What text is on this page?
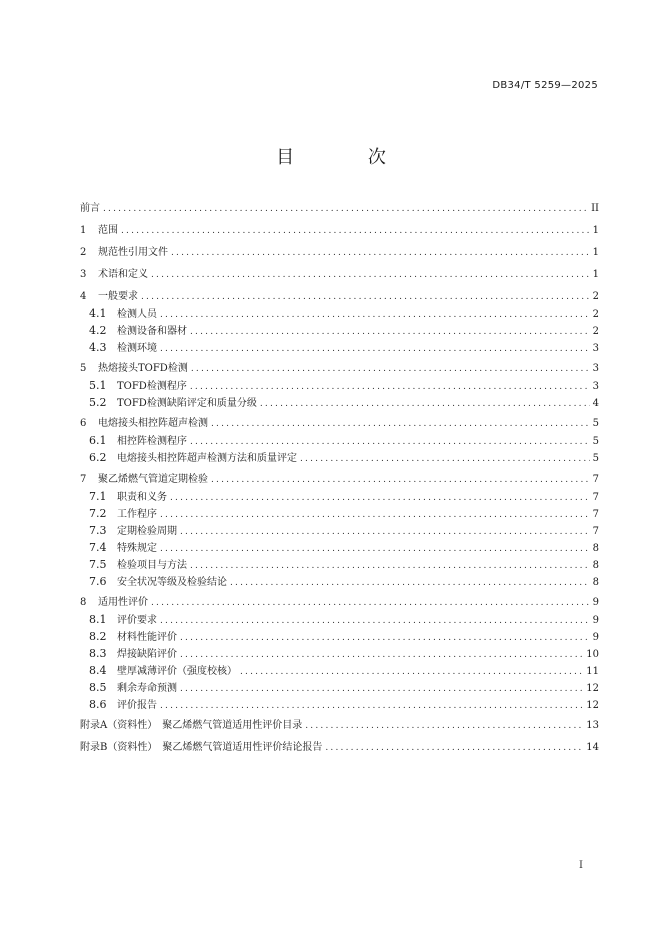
DB34/T 5259—2025
目 次
前言 .....	II
1	范围 .....	1
2	规范性引用文件 .....	1
3	术语和定义 .....	1
4	一般要求 .....	2
4.1	检测人员 .....	2
4.2	检测设备和器材 .....	2
4.3	检测环境 .....	3
5	热熔接头TOFD检测 .....	3
5.1	TOFD检测程序 .....	3
5.2	TOFD检测缺陷评定和质量分级 .....	4
6	电熔接头相控阵超声检测 .....	5
6.1	相控阵检测程序 .....	5
6.2	电熔接头相控阵超声检测方法和质量评定 .....	5
7	聚乙烯燃气管道定期检验 .....	7
7.1	职责和义务 .....	7
7.2	工作程序 .....	7
7.3	定期检验周期 .....	7
7.4	特殊规定 .....	8
7.5	检验项目与方法 .....	8
7.6	安全状况等级及检验结论 .....	8
8	适用性评价 .....	9
8.1	评价要求 .....	9
8.2	材料性能评价 .....	9
8.3	焊接缺陷评价 .....	10
8.4	壁厚减薄评价（强度校核） .....	11
8.5	剩余寿命预测 .....	12
8.6	评价报告 .....	12
附录A（资料性）　聚乙烯燃气管道适用性评价目录 .....	13
附录B（资料性）　聚乙烯燃气管道适用性评价结论报告 .....	14
I
